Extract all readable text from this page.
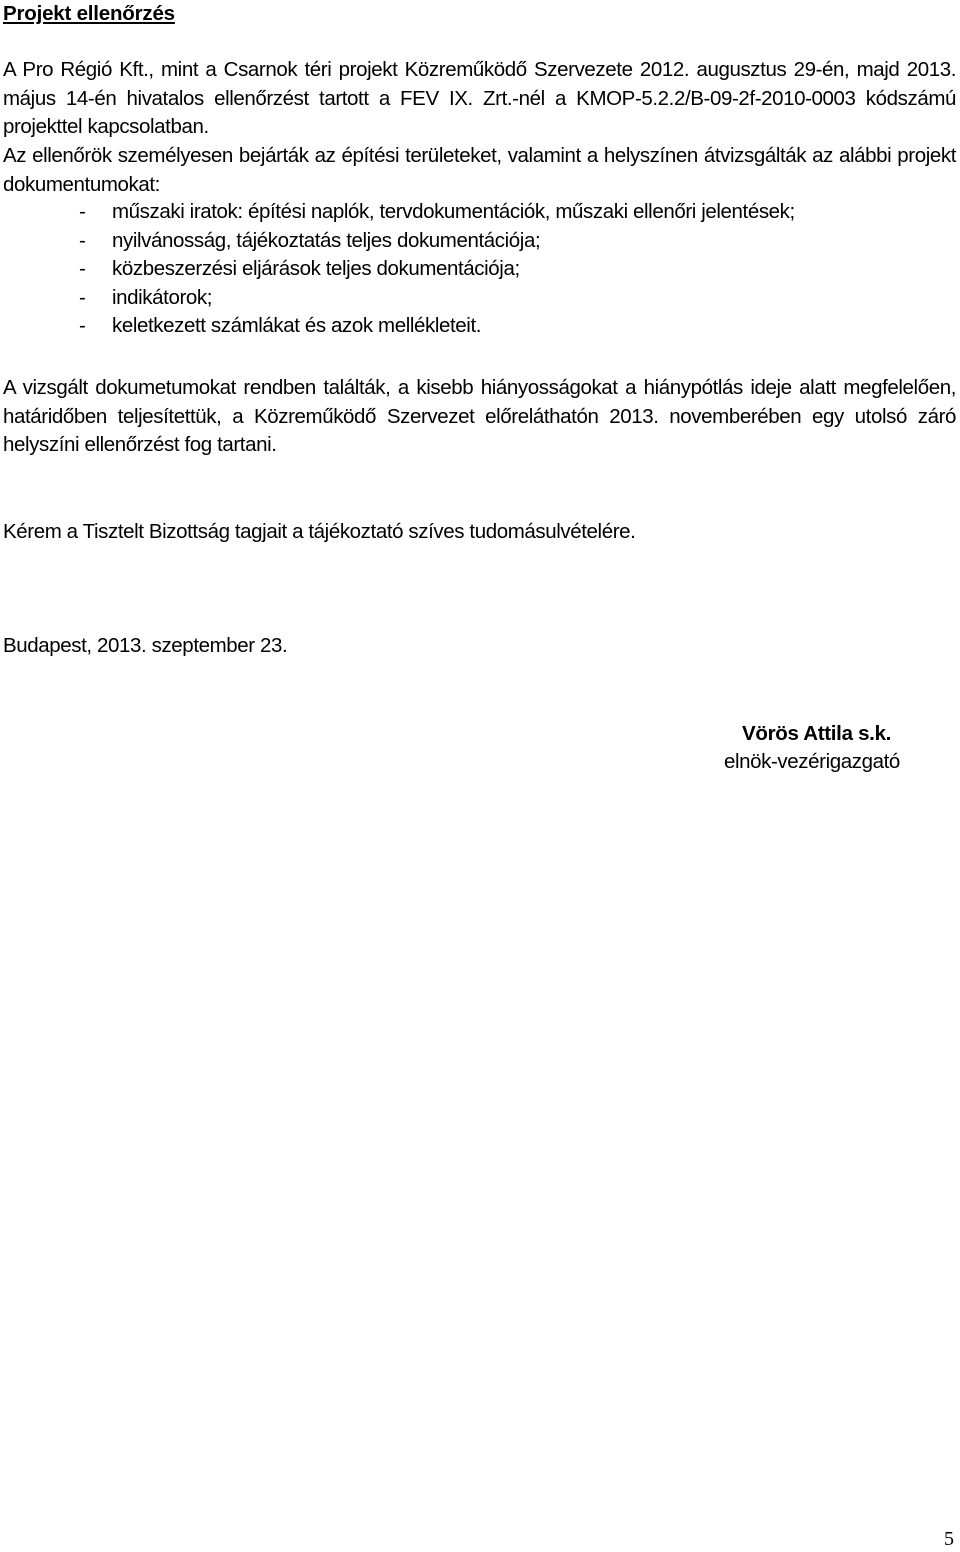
Projekt ellenőrzés
A Pro Régió Kft., mint a Csarnok téri projekt Közreműködő Szervezete 2012. augusztus 29-én, majd 2013. május 14-én hivatalos ellenőrzést tartott a FEV IX. Zrt.-nél a KMOP-5.2.2/B-09-2f-2010-0003 kódszámú projekttel kapcsolatban.
Az ellenőrök személyesen bejárták az építési területeket, valamint a helyszínen átvizsgálták az alábbi projekt dokumentumokat:
- műszaki iratok: építési naplók, tervdokumentációk, műszaki ellenőri jelentések;
- nyilvánosság, tájékoztatás teljes dokumentációja;
- közbeszerzési eljárások teljes dokumentációja;
- indikátorok;
- keletkezett számlákat és azok mellékleteit.
A vizsgált dokumetumokat rendben találták, a kisebb hiányosságokat a hiánypótlás ideje alatt megfelelően, határidőben teljesítettük, a Közreműködő Szervezet előreláthatón 2013. novemberében egy utolsó záró helyszíni ellenőrzést fog tartani.
Kérem a Tisztelt Bizottság tagjait a tájékoztató szíves tudomásulvételére.
Budapest, 2013. szeptember 23.
Vörös Attila s.k.
elnök-vezérigazgató
5
